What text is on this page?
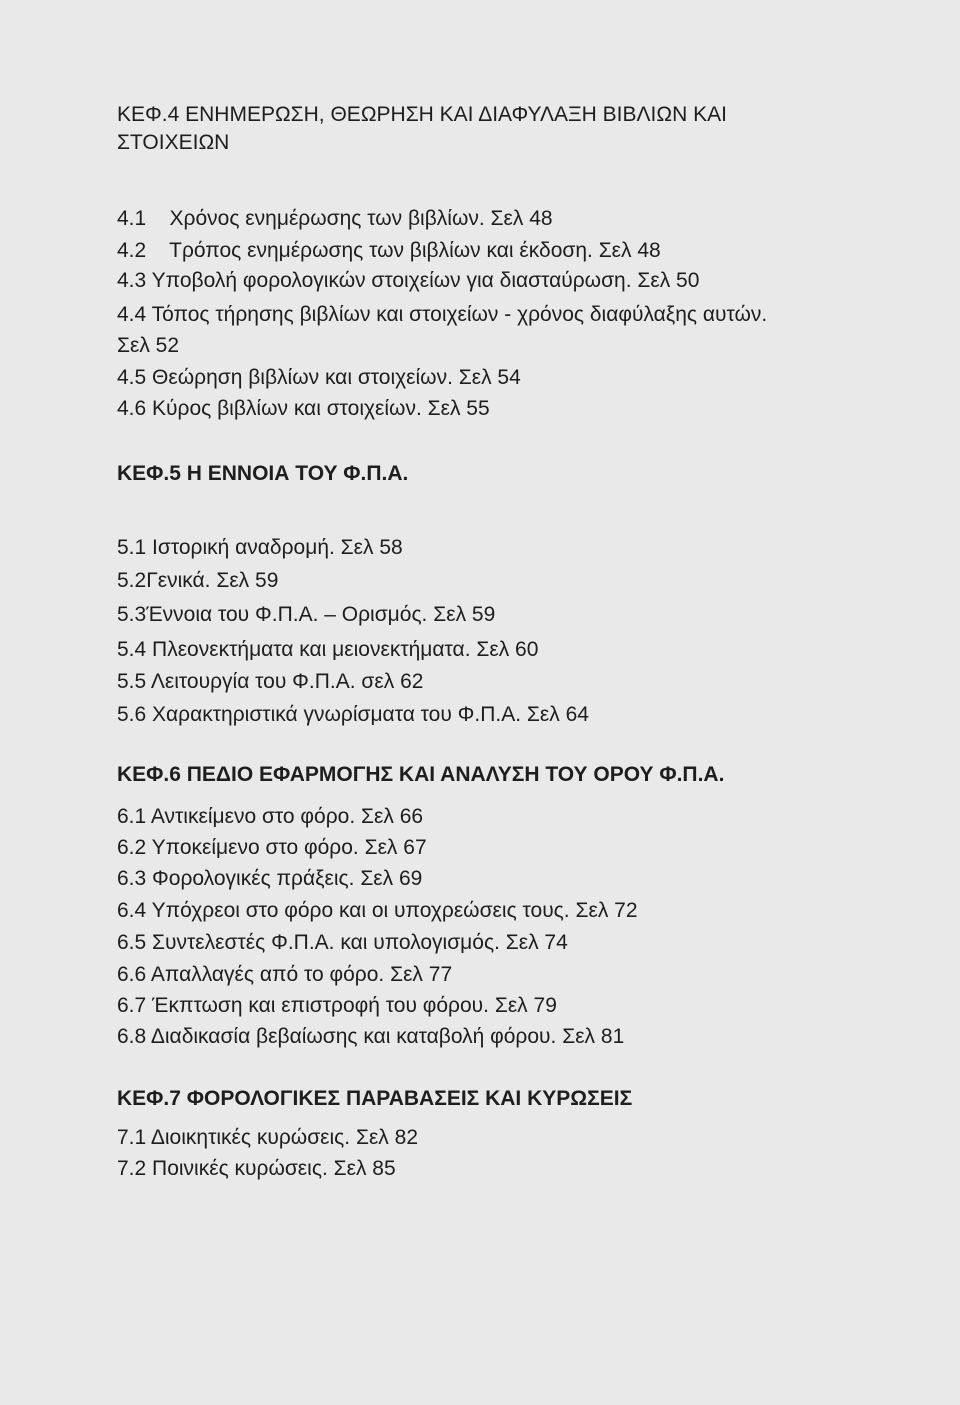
ΚΕΦ.4 ΕΝΗΜΕΡΩΣΗ, ΘΕΩΡΗΣΗ ΚΑΙ ΔΙΑΦΥΛΑΞΗ ΒΙΒΛΙΩΝ ΚΑΙ
ΣΤΟΙΧΕΙΩΝ
4.1    Χρόνος ενημέρωσης των βιβλίων. Σελ 48
4.2    Τρόπος ενημέρωσης των βιβλίων και έκδοση. Σελ 48
4.3 Υποβολή φορολογικών στοιχείων για διασταύρωση. Σελ 50
4.4 Τόπος τήρησης βιβλίων και στοιχείων - χρόνος διαφύλαξης αυτών.
Σελ 52
4.5 Θεώρηση βιβλίων και στοιχείων. Σελ 54
4.6 Κύρος βιβλίων και στοιχείων. Σελ 55
ΚΕΦ.5 Η ΕΝΝΟΙΑ ΤΟΥ Φ.Π.Α.
5.1 Ιστορική αναδρομή. Σελ 58
5.2Γενικά. Σελ 59
5.3Έννοια του Φ.Π.Α. – Ορισμός. Σελ 59
5.4 Πλεονεκτήματα και μειονεκτήματα. Σελ 60
5.5 Λειτουργία του Φ.Π.Α. σελ 62
5.6 Χαρακτηριστικά γνωρίσματα του Φ.Π.Α. Σελ 64
ΚΕΦ.6 ΠΕΔΙΟ ΕΦΑΡΜΟΓΗΣ ΚΑΙ ΑΝΑΛΥΣΗ ΤΟΥ ΟΡΟΥ Φ.Π.Α.
6.1 Αντικείμενο στο φόρο. Σελ 66
6.2 Υποκείμενο στο φόρο. Σελ 67
6.3 Φορολογικές πράξεις. Σελ 69
6.4 Υπόχρεοι στο φόρο και οι υποχρεώσεις τους. Σελ 72
6.5 Συντελεστές Φ.Π.Α. και υπολογισμός. Σελ 74
6.6 Απαλλαγές από το φόρο. Σελ 77
6.7 Έκπτωση και επιστροφή του φόρου. Σελ 79
6.8 Διαδικασία βεβαίωσης και καταβολή φόρου. Σελ 81
ΚΕΦ.7 ΦΟΡΟΛΟΓΙΚΕΣ ΠΑΡΑΒΑΣΕΙΣ ΚΑΙ ΚΥΡΩΣΕΙΣ
7.1 Διοικητικές κυρώσεις. Σελ 82
7.2 Ποινικές κυρώσεις. Σελ 85
